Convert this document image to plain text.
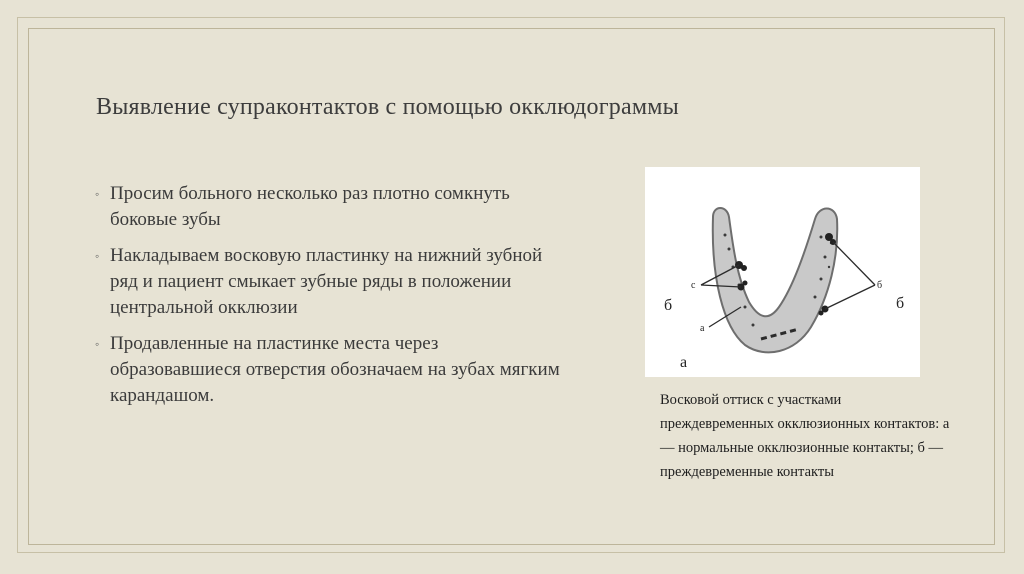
Выявление супраконтактов с помощью окклюдограммы
◦ Просим больного несколько раз плотно сомкнуть боковые зубы
◦ Накладываем восковую пластинку на нижний зубной ряд и пациент смыкает зубные ряды в положении центральной окклюзии
◦ Продавленные на пластинке места через образовавшиеся отверстия обозначаем на зубах мягким карандашом.
с
а
б
б	б
а
Восковой оттиск с участками преждевременных окклюзионных контактов: а — нормальные окклюзионные контакты; б — преждевременные контакты
